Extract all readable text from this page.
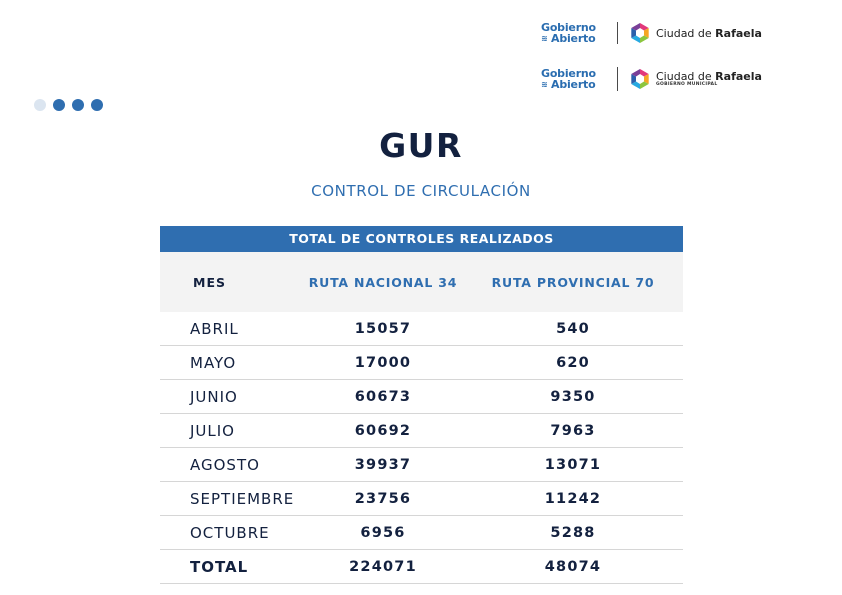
Gobierno
≋ Abierto	Ciudad de Rafaela
Gobierno
≋ Abierto
Ciudad de Rafaela
GOBIERNO MUNICIPAL
GUR
CONTROL DE CIRCULACIÓN
TOTAL DE CONTROLES REALIZADOS
MES	RUTA NACIONAL 34	RUTA PROVINCIAL 70
ABRIL	15057	540
MAYO	17000	620
JUNIO	60673	9350
JULIO	60692	7963
AGOSTO	39937	13071
SEPTIEMBRE	23756	11242
OCTUBRE	6956	5288
TOTAL	224071	48074
